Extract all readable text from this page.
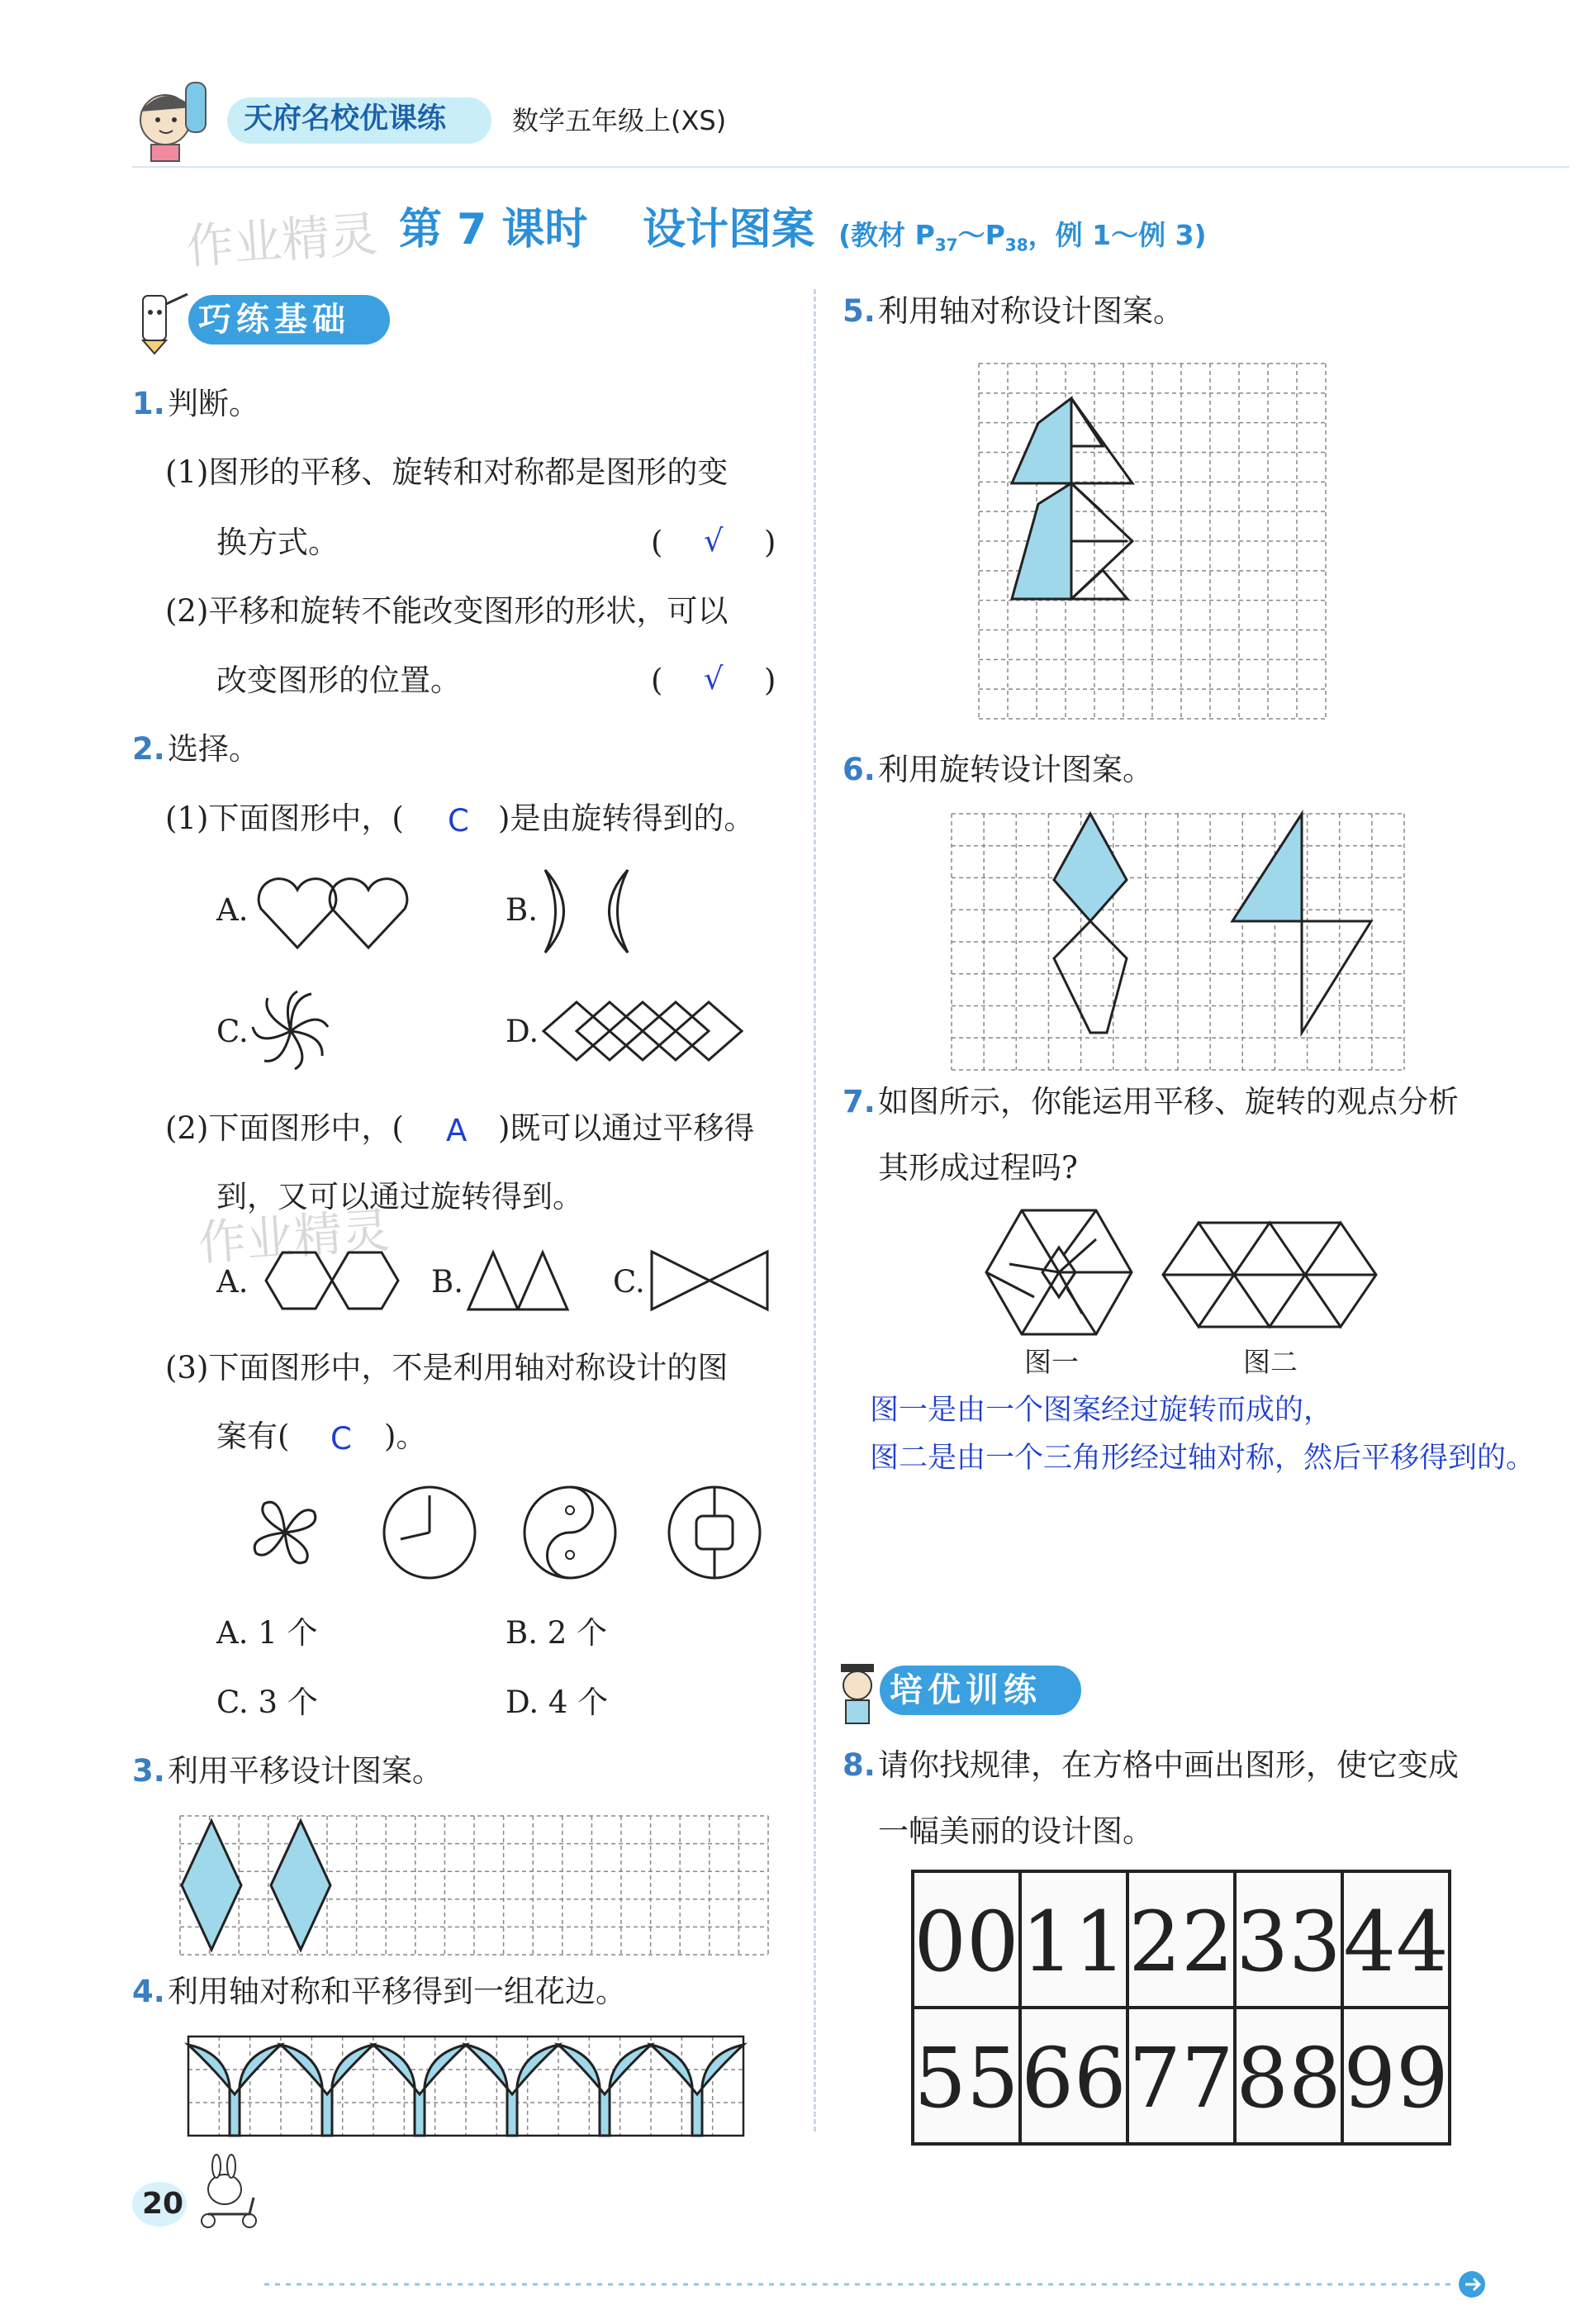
天府名校优课练 数学五年级上(XS)
第 7 课时 设计图案 (教材 $P_{37}\sim P_{38}$，例 1～例 3)
作业精灵
巧练基础
1. 判断。
(1)图形的平移、旋转和对称都是图形的变
换方式。	( √ )
(2)平移和旋转不能改变图形的形状，可以
改变图形的位置。	( √ )
2. 选择。
(1)下面图形中，( C )是由旋转得到的。
A.	B.
C.	D.
(2)下面图形中，( A )既可以通过平移得
到，又可以通过旋转得到。
作业精灵
A.	B.	C.
(3)下面图形中，不是利用轴对称设计的图
案有( C )。
A. 1 个	B. 2 个
C. 3 个	D. 4 个
3. 利用平移设计图案。
4. 利用轴对称和平移得到一组花边。
20
5. 利用轴对称设计图案。
6. 利用旋转设计图案。
7. 如图所示，你能运用平移、旋转的观点分析
其形成过程吗?
图一	图二
图一是由一个图案经过旋转而成的，
图二是由一个三角形经过轴对称，然后平移得到的。
培优训练
8. 请你找规律，在方格中画出图形，使它变成
一幅美丽的设计图。
00 11 22 33 44
55 66 77 88 99
